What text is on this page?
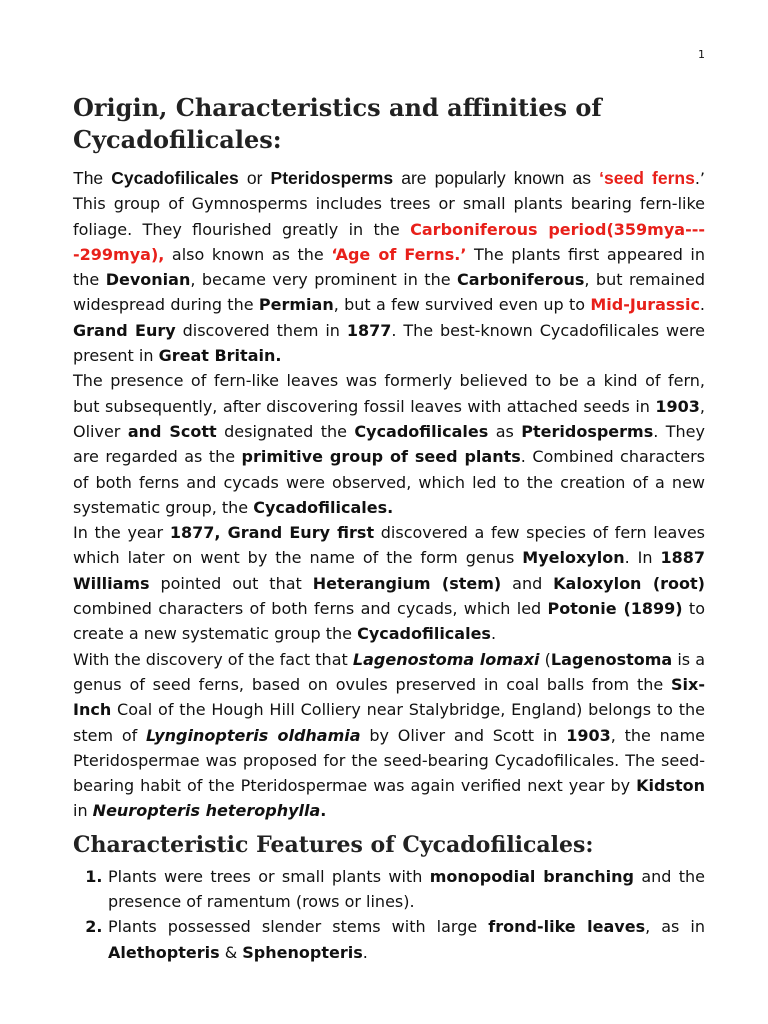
1
Origin, Characteristics and affinities of Cycadofilicales:

The Cycadofilicales or Pteridosperms are popularly known as ‘seed ferns.’ This group of Gymnosperms includes trees or small plants bearing fern-like foliage. They flourished greatly in the Carboniferous period(359mya----299mya), also known as the ‘Age of Ferns.’ The plants first appeared in the Devonian, became very prominent in the Carboniferous, but remained widespread during the Permian, but a few survived even up to Mid-Jurassic. Grand Eury discovered them in 1877. The best-known Cycadofilicales were present in Great Britain.

The presence of fern-like leaves was formerly believed to be a kind of fern, but subsequently, after discovering fossil leaves with attached seeds in 1903, Oliver and Scott designated the Cycadofilicales as Pteridosperms. They are regarded as the primitive group of seed plants. Combined characters of both ferns and cycads were observed, which led to the creation of a new systematic group, the Cycadofilicales.

In the year 1877, Grand Eury first discovered a few species of fern leaves which later on went by the name of the form genus Myeloxylon. In 1887 Williams pointed out that Heterangium (stem) and Kaloxylon (root) combined characters of both ferns and cycads, which led Potonie (1899) to create a new systematic group the Cycadofilicales.

With the discovery of the fact that Lagenostoma lomaxi (Lagenostoma is a genus of seed ferns, based on ovules preserved in coal balls from the Six-Inch Coal of the Hough Hill Colliery near Stalybridge, England) belongs to the stem of Lynginopteris oldhamia by Oliver and Scott in 1903, the name Pteridospermae was proposed for the seed-bearing Cycadofilicales. The seed-bearing habit of the Pteridospermae was again verified next year by Kidston in Neuropteris heterophylla.

Characteristic Features of Cycadofilicales:
1. Plants were trees or small plants with monopodial branching and the presence of ramentum (rows or lines).
2. Plants possessed slender stems with large frond-like leaves, as in Alethopteris & Sphenopteris.
